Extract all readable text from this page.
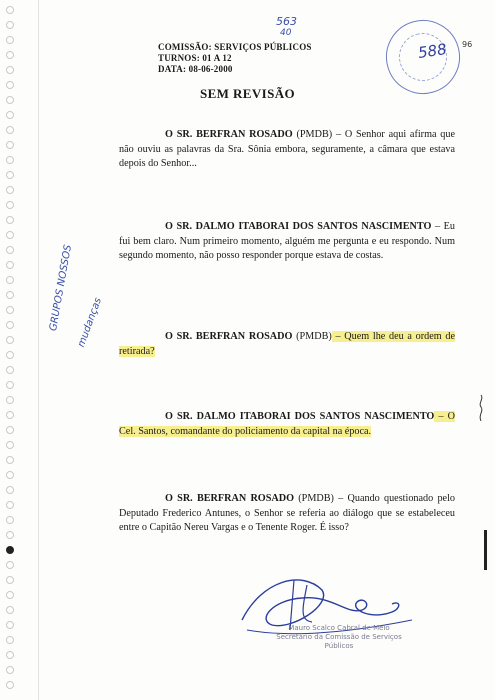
563
40
588 96
COMISSÃO: SERVIÇOS PÚBLICOS
TURNOS: 01 A 12
DATA: 08-06-2000
SEM REVISÃO
O SR. BERFRAN ROSADO (PMDB) – O Senhor aqui afirma que não ouviu as palavras da Sra. Sônia embora, seguramente, a câmara que estava depois do Senhor...
O SR. DALMO ITABORAI DOS SANTOS NASCIMENTO – Eu fui bem claro. Num primeiro momento, alguém me pergunta e eu respondo. Num segundo momento, não posso responder porque estava de costas.
O SR. BERFRAN ROSADO (PMDB) – Quem lhe deu a ordem de retirada?
O SR. DALMO ITABORAI DOS SANTOS NASCIMENTO – O Cel. Santos, comandante do policiamento da capital na época.
O SR. BERFRAN ROSADO (PMDB) – Quando questionado pelo Deputado Frederico Antunes, o Senhor se referia ao diálogo que se estabeleceu entre o Capitão Nereu Vargas e o Tenente Roger. É isso?
GRUPOS NOSSOS mudanças
Mauro Scalco Cabral de Melo
Secretário da Comissão de Serviços
Públicos
